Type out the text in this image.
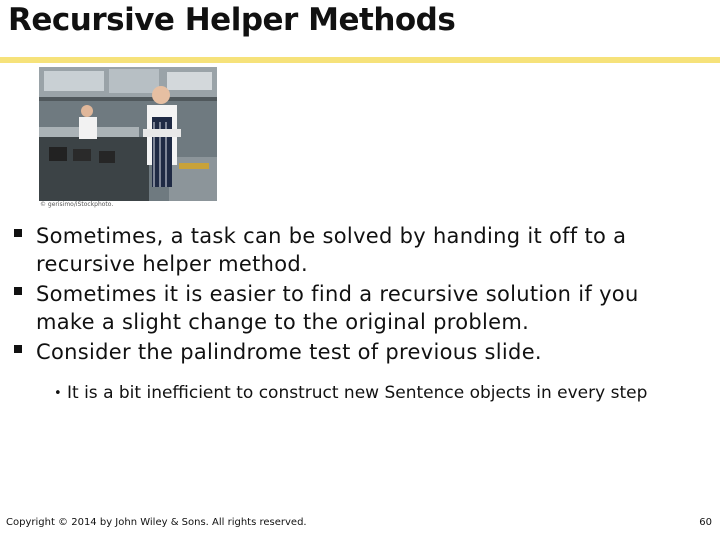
Recursive Helper Methods
© gerisimo/iStockphoto.
Sometimes, a task can be solved by handing it off to a recursive helper method.
Sometimes it is easier to find a recursive solution if you make a slight change to the original problem.
Consider the palindrome test of previous slide.
• It is a bit inefficient to construct new Sentence objects in every step
Copyright © 2014 by John Wiley & Sons. All rights reserved.	60
